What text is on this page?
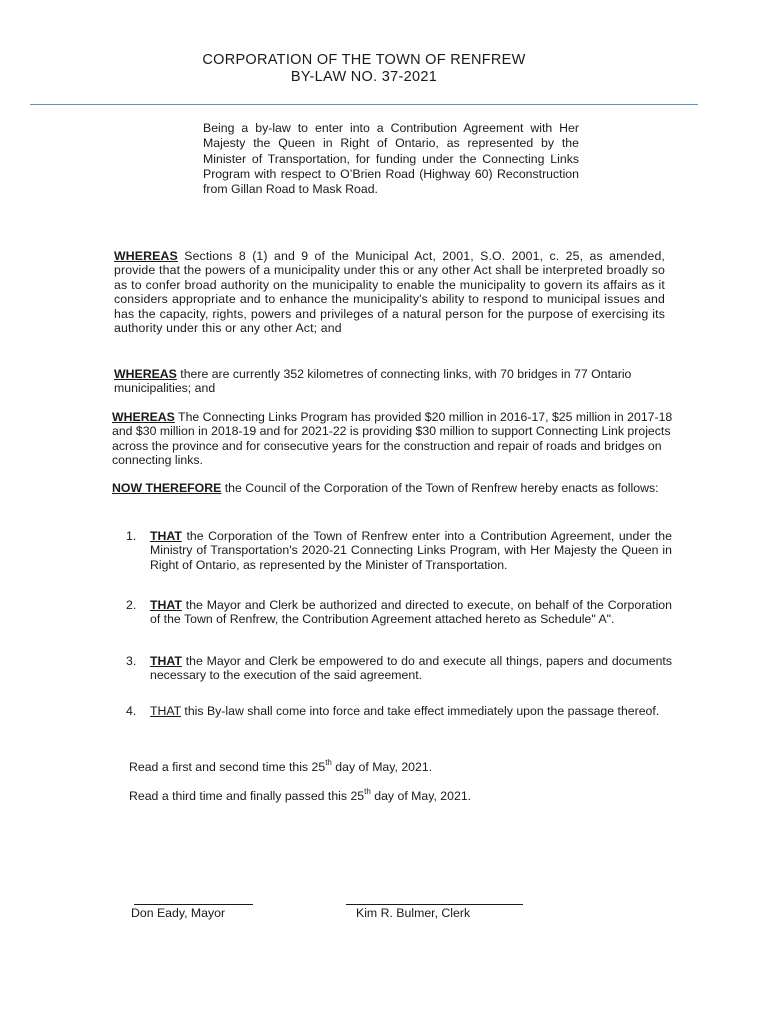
CORPORATION OF THE TOWN OF RENFREW
BY-LAW NO. 37-2021
Being a by-law to enter into a Contribution Agreement with Her Majesty the Queen in Right of Ontario, as represented by the Minister of Transportation, for funding under the Connecting Links Program with respect to O’Brien Road (Highway 60) Reconstruction from Gillan Road to Mask Road.
WHEREAS Sections 8 (1) and 9 of the Municipal Act, 2001, S.O. 2001, c. 25, as amended, provide that the powers of a municipality under this or any other Act shall be interpreted broadly so as to confer broad authority on the municipality to enable the municipality to govern its affairs as it considers appropriate and to enhance the municipality's ability to respond to municipal issues and has the capacity, rights, powers and privileges of a natural person for the purpose of exercising its authority under this or any other Act; and
WHEREAS there are currently 352 kilometres of connecting links, with 70 bridges in 77 Ontario municipalities; and
WHEREAS The Connecting Links Program has provided $20 million in 2016-17, $25 million in 2017-18 and $30 million in 2018-19 and for 2021-22 is providing $30 million to support Connecting Link projects across the province and for consecutive years for the construction and repair of roads and bridges on connecting links.
NOW THEREFORE the Council of the Corporation of the Town of Renfrew hereby enacts as follows:
1.	THAT the Corporation of the Town of Renfrew enter into a Contribution Agreement, under the Ministry of Transportation's 2020-21 Connecting Links Program, with Her Majesty the Queen in Right of Ontario, as represented by the Minister of Transportation.
2.	THAT the Mayor and Clerk be authorized and directed to execute, on behalf of the Corporation of the Town of Renfrew, the Contribution Agreement attached hereto as Schedule" A".
3.	THAT the Mayor and Clerk be empowered to do and execute all things, papers and documents necessary to the execution of the said agreement.
4.	THAT this By-law shall come into force and take effect immediately upon the passage thereof.
Read a first and second time this 25th day of May, 2021.
Read a third time and finally passed this 25th day of May, 2021.
Don Eady, Mayor	Kim R. Bulmer, Clerk
